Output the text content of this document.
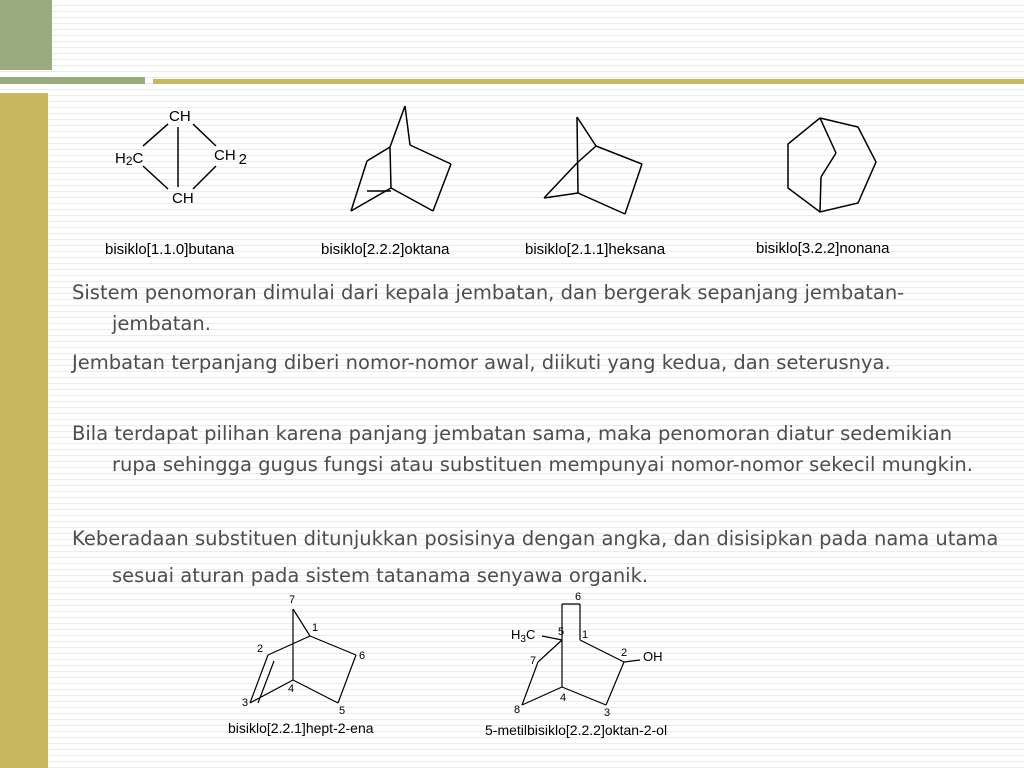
CH
H2C	CH 2
CH
7
1
2
6
4
3
5
6
5 1
2
7
4
8	3
$H_3C$
OH
bisiklo[1.1.0]butana	bisiklo[2.2.2]oktana	bisiklo[2.1.1]heksana	bisiklo[3.2.2]nonana
bisiklo[2.2.1]hept-2-ena	5-metilbisiklo[2.2.2]oktan-2-ol

Sistem penomoran dimulai dari kepala jembatan, dan bergerak sepanjang jembatan-jembatan.

Jembatan terpanjang diberi nomor-nomor awal, diikuti yang kedua, dan seterusnya.

Bila terdapat pilihan karena panjang jembatan sama, maka penomoran diatur sedemikian rupa sehingga gugus fungsi atau substituen mempunyai nomor-nomor sekecil mungkin.

Keberadaan substituen ditunjukkan posisinya dengan angka, dan disisipkan pada nama utama sesuai aturan pada sistem tatanama senyawa organik.
